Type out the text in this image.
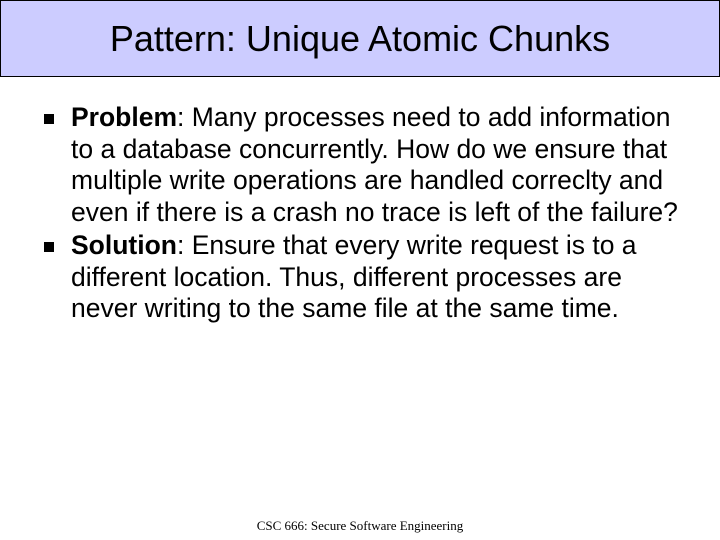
Pattern: Unique Atomic Chunks
Problem: Many processes need to add information to a database concurrently. How do we ensure that multiple write operations are handled correclty and even if there is a crash no trace is left of the failure?
Solution: Ensure that every write request is to a different location. Thus, different processes are never writing to the same file at the same time.
CSC 666: Secure Software Engineering
